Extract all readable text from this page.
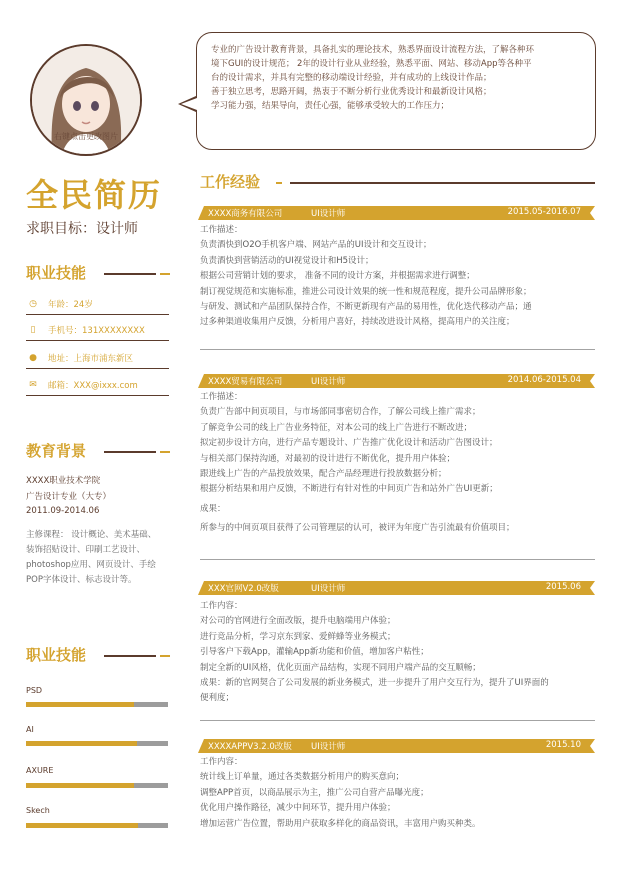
右键点击更改图片

专业的广告设计教育背景，具备扎实的理论技术，熟悉界面设计流程方法，了解各种环

境下GUI的设计规范； 2年的设计行业从业经验，熟悉平面、网站、移动App等各种平

台的设计需求，并具有完整的移动端设计经验，并有成功的上线设计作品；

善于独立思考，思路开阔，热衷于不断分析行业优秀设计和最新设计风格；

学习能力强，结果导向，责任心强，能够承受较大的工作压力；

全民简历
求职目标：设计师
职业技能
◷	年龄：24岁
▯	手机号：131XXXXXXXX
●	地址：上海市浦东新区
✉	邮箱：XXX@ixxx.com
教育背景
XXXX职业技术学院
广告设计专业（大专）
2011.09-2014.06
主修课程： 设计概论、美术基础、
装饰招贴设计、印刷工艺设计、
photoshop应用、网页设计、手绘
POP字体设计、标志设计等。
职业技能
PSD
AI
AXURE
Skech
工作经验
XXXX商务有限公司	UI设计师	2015.05-2016.07
工作描述：
负责酒快到O2O手机客户端、网站产品的UI设计和交互设计；
负责酒快到营销活动的UI视觉设计和H5设计；
根据公司营销计划的要求， 准备不同的设计方案，并根据需求进行调整；
制订视觉规范和实施标准，推进公司设计效果的统一性和规范程度，提升公司品牌形象；
与研发、测试和产品团队保持合作，不断更新现有产品的易用性，优化迭代移动产品；通
过多种渠道收集用户反馈，分析用户喜好，持续改进设计风格，提高用户的关注度；
XXXX贸易有限公司	UI设计师	2014.06-2015.04
工作描述：
负责广告部中间页项目，与市场部同事密切合作，了解公司线上推广需求；
了解竞争公司的线上广告业务特征，对本公司的线上广告进行不断改进；
拟定初步设计方向，进行产品专题设计、广告推广优化设计和活动广告图设计；
与相关部门保持沟通，对最初的设计进行不断优化，提升用户体验；
跟进线上广告的产品投放效果，配合产品经理进行投放数据分析；
根据分析结果和用户反馈，不断进行有针对性的中间页广告和站外广告UI更新；
成果：
所参与的中间页项目获得了公司管理层的认可，被评为年度广告引流最有价值项目；
XXX官网V2.0改版	UI设计师	2015.06
工作内容：
对公司的官网进行全面改版，提升电脑端用户体验；
进行竞品分析，学习京东到家、爱鲜蜂等业务模式；
引导客户下载App，灌输App新功能和价值，增加客户粘性；
制定全新的UI风格，优化页面产品结构，实现不同用户端产品的交互顺畅；
成果：新的官网契合了公司发展的新业务模式，进一步提升了用户交互行为，提升了UI界面的
便利度；
XXXXAPPV3.2.0改版 UI设计师	2015.10
工作内容：
统计线上订单量，通过各类数据分析用户的购买意向；
调整APP首页，以商品展示为主，推广公司自营产品曝光度；
优化用户操作路径，减少中间环节，提升用户体验；
增加运营广告位置，帮助用户获取多样化的商品资讯，丰富用户购买种类。
